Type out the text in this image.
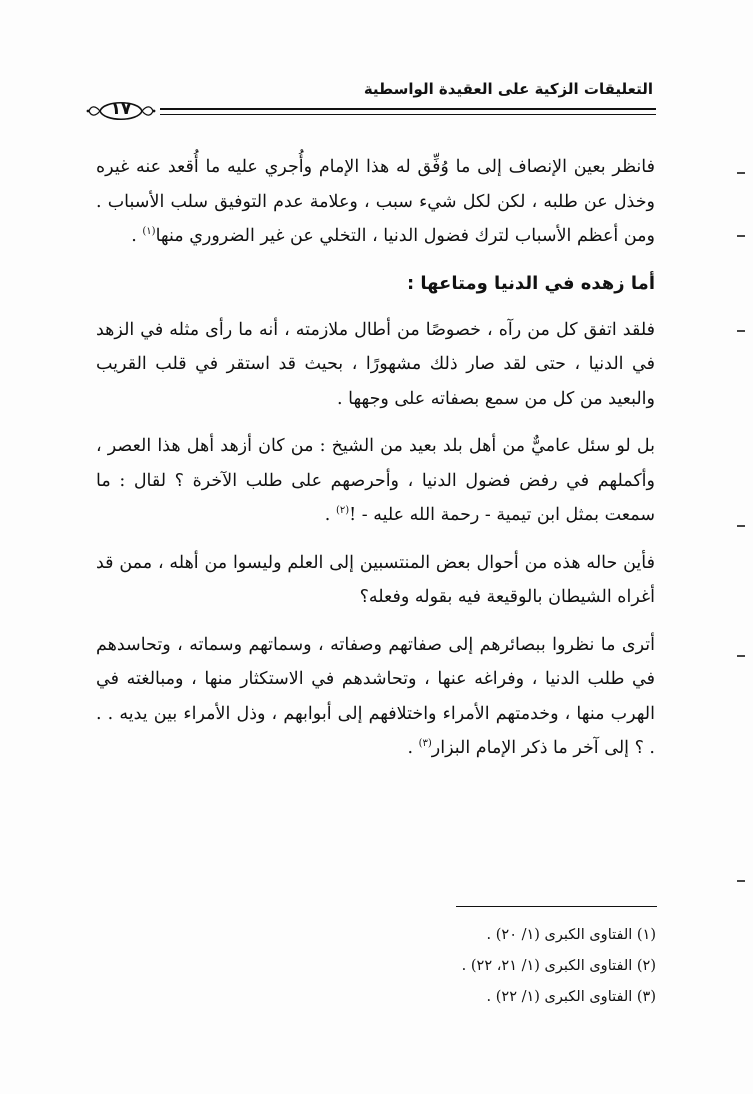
التعليقات الزكية على العقيدة الواسطية
١٧

فانظر بعين الإنصاف إلى ما وُفِّق له هذا الإمام وأُجري عليه ما أُقعد عنه غيره وخذل عن طلبه ، لكن لكل شيء سبب ، وعلامة عدم التوفيق سلب الأسباب . ومن أعظم الأسباب لترك فضول الدنيا ، التخلي عن غير الضروري منها$^{(١)}$ .

أما زهده في الدنيا ومتاعها :

فلقد اتفق كل من رآه ، خصوصًا من أطال ملازمته ، أنه ما رأى مثله في الزهد في الدنيا ، حتى لقد صار ذلك مشهورًا ، بحيث قد استقر في قلب القريب والبعيد من كل من سمع بصفاته على وجهها .

بل لو سئل عاميٌّ من أهل بلد بعيد من الشيخ : من كان أزهد أهل هذا العصر ، وأكملهم في رفض فضول الدنيا ، وأحرصهم على طلب الآخرة ؟ لقال : ما سمعت بمثل ابن تيمية - رحمة الله عليه - !$^{(٢)}$ .

فأين حاله هذه من أحوال بعض المنتسبين إلى العلم وليسوا من أهله ، ممن قد أغراه الشيطان بالوقيعة فيه بقوله وفعله؟

أترى ما نظروا ببصائرهم إلى صفاتهم وصفاته ، وسماتهم وسماته ، وتحاسدهم في طلب الدنيا ، وفراغه عنها ، وتحاشدهم في الاستكثار منها ، ومبالغته في الهرب منها ، وخدمتهم الأمراء واختلافهم إلى أبوابهم ، وذل الأمراء بين يديه . . . ؟ إلى آخر ما ذكر الإمام البزار$^{(٣)}$ .

(١) الفتاوى الكبرى (١/ ٢٠) .

(٢) الفتاوى الكبرى (١/ ٢١، ٢٢) .

(٣) الفتاوى الكبرى (١/ ٢٢) .
